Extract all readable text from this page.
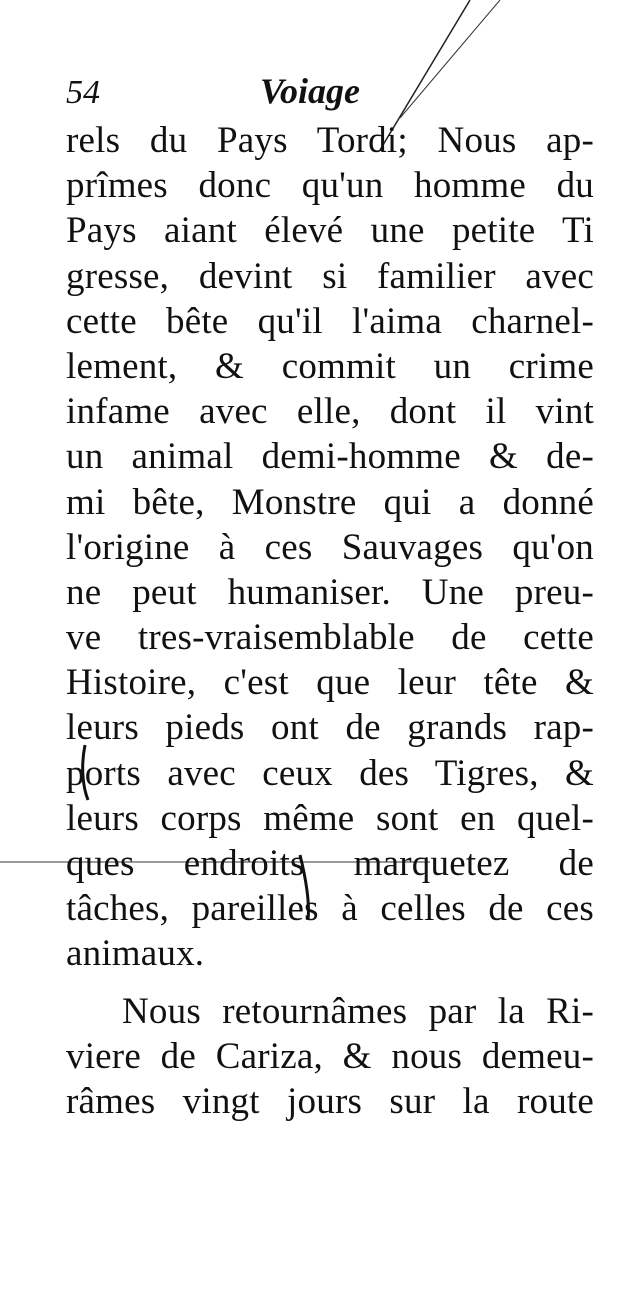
54	Voiage
rels du Pays Tordi; Nous ap-
prîmes donc qu'un homme du
Pays aiant élevé une petite Ti
gresse, devint si familier avec
cette bête qu'il l'aima charnel-
lement, & commit un crime
infame avec elle, dont il vint
un animal demi-homme & de-
mi bête, Monstre qui a donné
l'origine à ces Sauvages qu'on
ne peut humaniser. Une preu-
ve tres-vraisemblable de cette
Histoire, c'est que leur tête &
leurs pieds ont de grands rap-
ports avec ceux des Tigres, &
leurs corps même sont en quel-
ques endroits marquetez de
tâches, pareilles à celles de ces
animaux.
Nous retournâmes par la Ri-
viere de Cariza, & nous demeu-
râmes vingt jours sur la route
